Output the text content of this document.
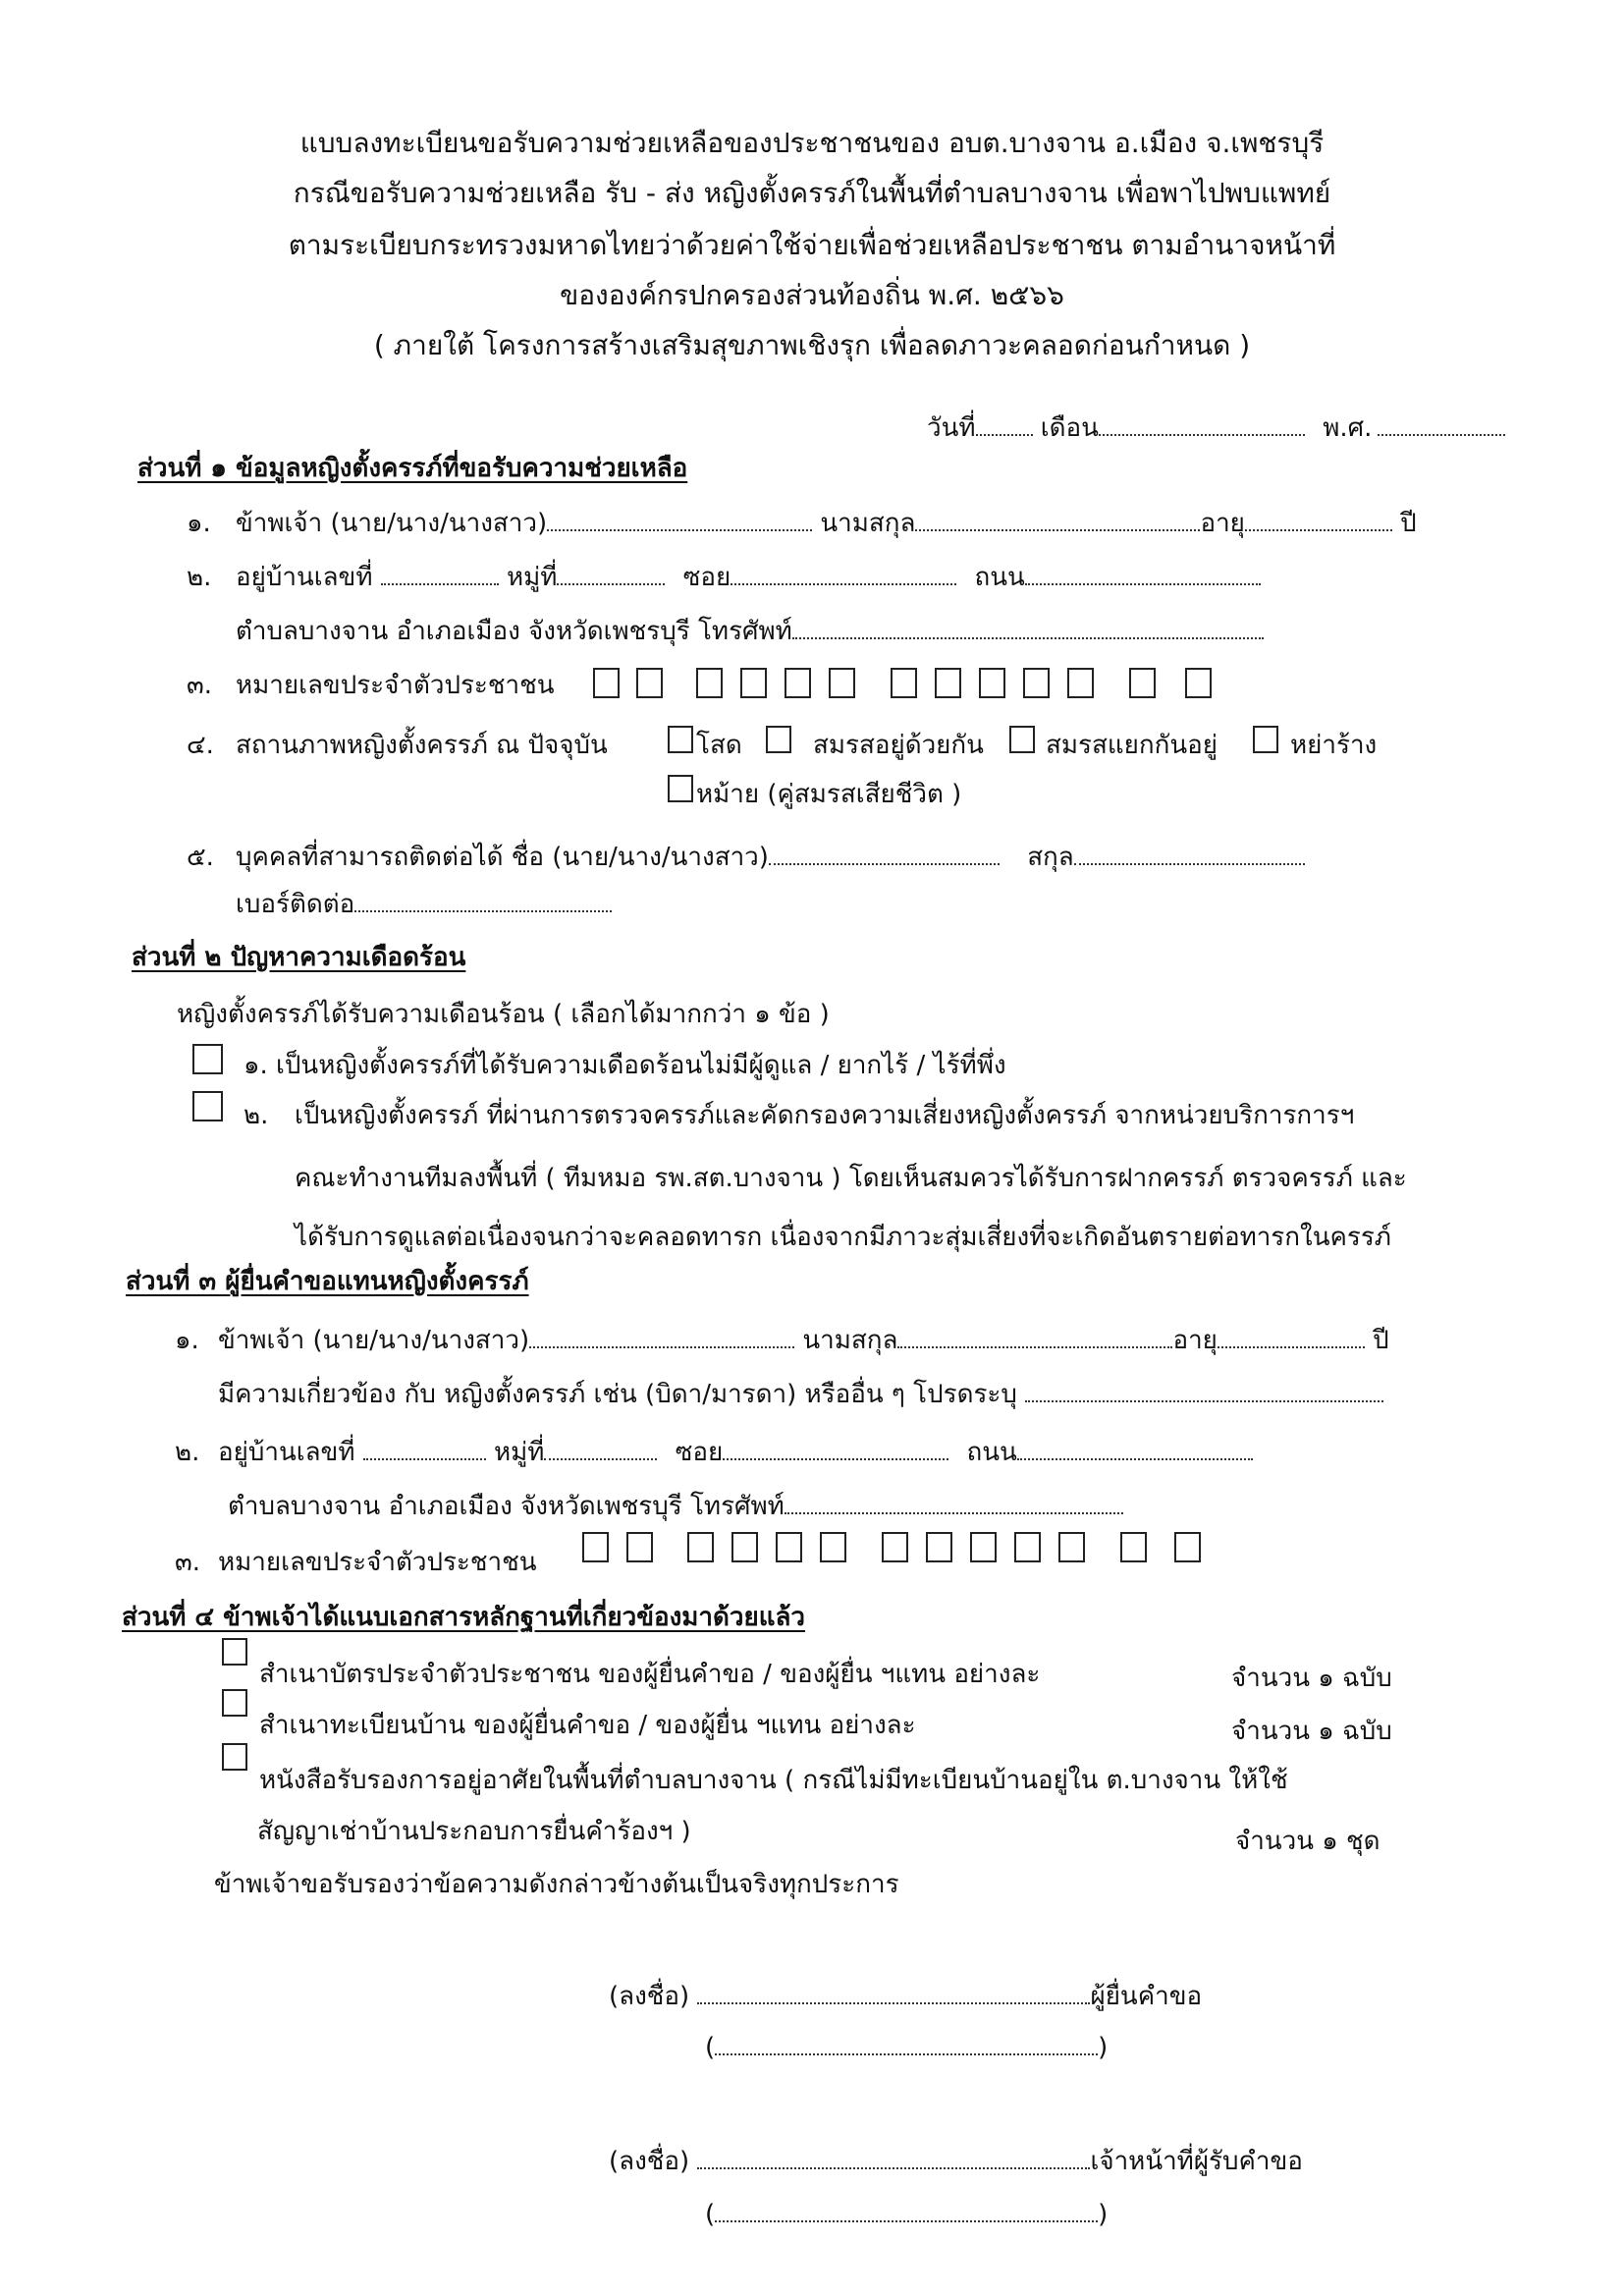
แบบลงทะเบียนขอรับความช่วยเหลือของประชาชนของ อบต.บางจาน อ.เมือง จ.เพชรบุรี
กรณีขอรับความช่วยเหลือ รับ - ส่ง หญิงตั้งครรภ์ในพื้นที่ตำบลบางจาน เพื่อพาไปพบแพทย์
ตามระเบียบกระทรวงมหาดไทยว่าด้วยค่าใช้จ่ายเพื่อช่วยเหลือประชาชน ตามอำนาจหน้าที่
ขององค์กรปกครองส่วนท้องถิ่น พ.ศ. ๒๕๖๖
( ภายใต้ โครงการสร้างเสริมสุขภาพเชิงรุก เพื่อลดภาวะคลอดก่อนกำหนด )
วันที่	เดือน	พ.ศ.
ส่วนที่ ๑ ข้อมูลหญิงตั้งครรภ์ที่ขอรับความช่วยเหลือ
๑. ข้าพเจ้า (นาย/นาง/นางสาว)	นามสกุล	อายุ	ปี
๒. อยู่บ้านเลขที่	หมู่ที่	ซอย	ถนน
ตำบลบางจาน อำเภอเมือง จังหวัดเพชรบุรี โทรศัพท์
๓. หมายเลขประจำตัวประชาชน
๔. สถานภาพหญิงตั้งครรภ์ ณ ปัจจุบัน	โสด	สมรสอยู่ด้วยกัน สมรสแยกกันอยู่	หย่าร้าง
หม้าย (คู่สมรสเสียชีวิต )
๕. บุคคลที่สามารถติดต่อได้ ชื่อ (นาย/นาง/นางสาว)	สกุล
เบอร์ติดต่อ
ส่วนที่ ๒ ปัญหาความเดือดร้อน
หญิงตั้งครรภ์ได้รับความเดือนร้อน ( เลือกได้มากกว่า ๑ ข้อ )
๑. เป็นหญิงตั้งครรภ์ที่ได้รับความเดือดร้อนไม่มีผู้ดูแล / ยากไร้ / ไร้ที่พึ่ง
๒. เป็นหญิงตั้งครรภ์ ที่ผ่านการตรวจครรภ์และคัดกรองความเสี่ยงหญิงตั้งครรภ์ จากหน่วยบริการการฯ
คณะทำงานทีมลงพื้นที่ ( ทีมหมอ รพ.สต.บางจาน ) โดยเห็นสมควรได้รับการฝากครรภ์ ตรวจครรภ์ และ
ได้รับการดูแลต่อเนื่องจนกว่าจะคลอดทารก เนื่องจากมีภาวะสุ่มเสี่ยงที่จะเกิดอันตรายต่อทารกในครรภ์
ส่วนที่ ๓ ผู้ยื่นคำขอแทนหญิงตั้งครรภ์
๑. ข้าพเจ้า (นาย/นาง/นางสาว)	นามสกุล	อายุ	ปี
มีความเกี่ยวข้อง กับ หญิงตั้งครรภ์ เช่น (บิดา/มารดา) หรืออื่น ๆ โปรดระบุ
๒. อยู่บ้านเลขที่	หมู่ที่	ซอย	ถนน
ตำบลบางจาน อำเภอเมือง จังหวัดเพชรบุรี โทรศัพท์
๓. หมายเลขประจำตัวประชาชน
ส่วนที่ ๔ ข้าพเจ้าได้แนบเอกสารหลักฐานที่เกี่ยวข้องมาด้วยแล้ว
สำเนาบัตรประจำตัวประชาชน ของผู้ยื่นคำขอ / ของผู้ยื่น ฯแทน อย่างละ	จำนวน ๑ ฉบับ
สำเนาทะเบียนบ้าน ของผู้ยื่นคำขอ / ของผู้ยื่น ฯแทน อย่างละ	จำนวน ๑ ฉบับ
หนังสือรับรองการอยู่อาศัยในพื้นที่ตำบลบางจาน ( กรณีไม่มีทะเบียนบ้านอยู่ใน ต.บางจาน ให้ใช้
สัญญาเช่าบ้านประกอบการยื่นคำร้องฯ )	จำนวน ๑ ชุด
ข้าพเจ้าขอรับรองว่าข้อความดังกล่าวข้างต้นเป็นจริงทุกประการ
(ลงชื่อ)	ผู้ยื่นคำขอ
(	)
(ลงชื่อ)	เจ้าหน้าที่ผู้รับคำขอ
(	)
